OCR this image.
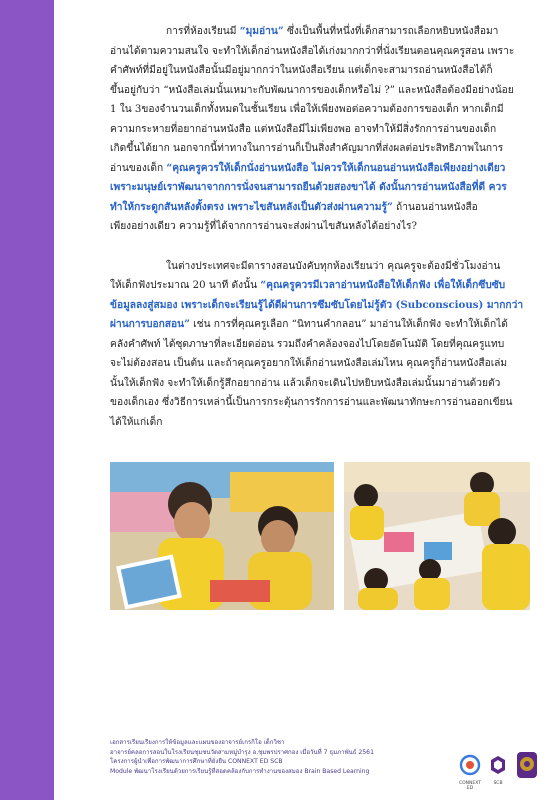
การที่ห้องเรียนมี “มุมอ่าน” ซึ่งเป็นพื้นที่หนึ่งที่เด็กสามารถเลือกหยิบหนังสือมา

อ่านได้ตามความสนใจ จะทำให้เด็กอ่านหนังสือได้เก่งมากกว่าที่นั่งเรียนตอนคุณครูสอน เพราะ

คำศัพท์ที่มีอยู่ในหนังสือนั้นมีอยู่มากกว่าในหนังสือเรียน แต่เด็กจะสามารถอ่านหนังสือได้ก็

ขึ้นอยู่กับว่า “หนังสือเล่มนั้นเหมาะกับพัฒนาการของเด็กหรือไม่ ?” และหนังสือต้องมีอย่างน้อย

1 ใน 3ของจำนวนเด็กทั้งหมดในชั้นเรียน เพื่อให้เพียงพอต่อความต้องการของเด็ก หากเด็กมี

ความกระหายที่อยากอ่านหนังสือ แต่หนังสือมีไม่เพียงพอ อาจทำให้มีสิ่งรักการอ่านของเด็ก

เกิดขึ้นได้ยาก นอกจากนี้ท่าทางในการอ่านก็เป็นสิ่งสำคัญมากที่ส่งผลต่อประสิทธิภาพในการ

อ่านของเด็ก “คุณครูควรให้เด็กนั่งอ่านหนังสือ ไม่ควรให้เด็กนอนอ่านหนังสือเพียงอย่างเดียว

เพราะมนุษย์เราพัฒนาจากการนั่งจนสามารถยืนด้วยสองขาได้ ดังนั้นการอ่านหนังสือที่ดี ควร

ทำให้กระดูกสันหลังตั้งตรง เพราะไขสันหลังเป็นตัวส่งผ่านความรู้” ถ้านอนอ่านหนังสือ

เพียงอย่างเดียว ความรู้ที่ได้จากการอ่านจะส่งผ่านไขสันหลังได้อย่างไร?

ในต่างประเทศจะมีตารางสอนบังคับทุกห้องเรียนว่า คุณครูจะต้องมีชั่วโมงอ่าน

ให้เด็กฟังประมาณ 20 นาที ดังนั้น “คุณครูควรมีเวลาอ่านหนังสือให้เด็กฟัง เพื่อให้เด็กซึบซับ

ข้อมูลลงสู่สมอง เพราะเด็กจะเรียนรู้ได้ดีผ่านการซึมซับโดยไม่รู้ตัว (Subconscious) มากกว่า

ผ่านการบอกสอน” เช่น การที่คุณครูเลือก “นิทานคำกลอน” มาอ่านให้เด็กฟัง จะทำให้เด็กได้

คลังคำศัพท์ ได้ซุดภาษาที่ละเอียดอ่อน รวมถึงคำคล้องจองไปโดยอัตโนมัติ โดยที่คุณครูแทบ

จะไม่ต้องสอน เป็นต้น และถ้าคุณครูอยากให้เด็กอ่านหนังสือเล่มไหน คุณครูก็อ่านหนังสือเล่ม

นั้นให้เด็กฟัง จะทำให้เด็กรู้สึกอยากอ่าน แล้วเด็กจะเดินไปหยิบหนังสือเล่มนั้นมาอ่านด้วยตัว

ของเด็กเอง ซึ่งวิธีการเหล่านี้เป็นการกระตุ้นการรักการอ่านและพัฒนาทักษะการอ่านออกเขียน

ได้ให้แก่เด็ก

เอกสารเรียนเรียงการให้ข้อมูลและแผนของอาจารย์เกรกิโอ เด็กวิชา
อาจารย์คลอการสอนในโรงเรียนชุมชนวัดสามหมู่บำรุง อ.ชุมพรปราศกอง เมื่อวันที่ 7 ธุมภาพันธ์ 2561
โครงการผู้นำเพื่อการพัฒนาการศึกษาที่ยั่งยืน CONNEXT ED SCB
Module พัฒนาโรงเรียนด้วยการเรียนรู้ที่สอดคล้องกับการทำงานของสมอง Brain Based Learning
CONNEXT ED
SCB
